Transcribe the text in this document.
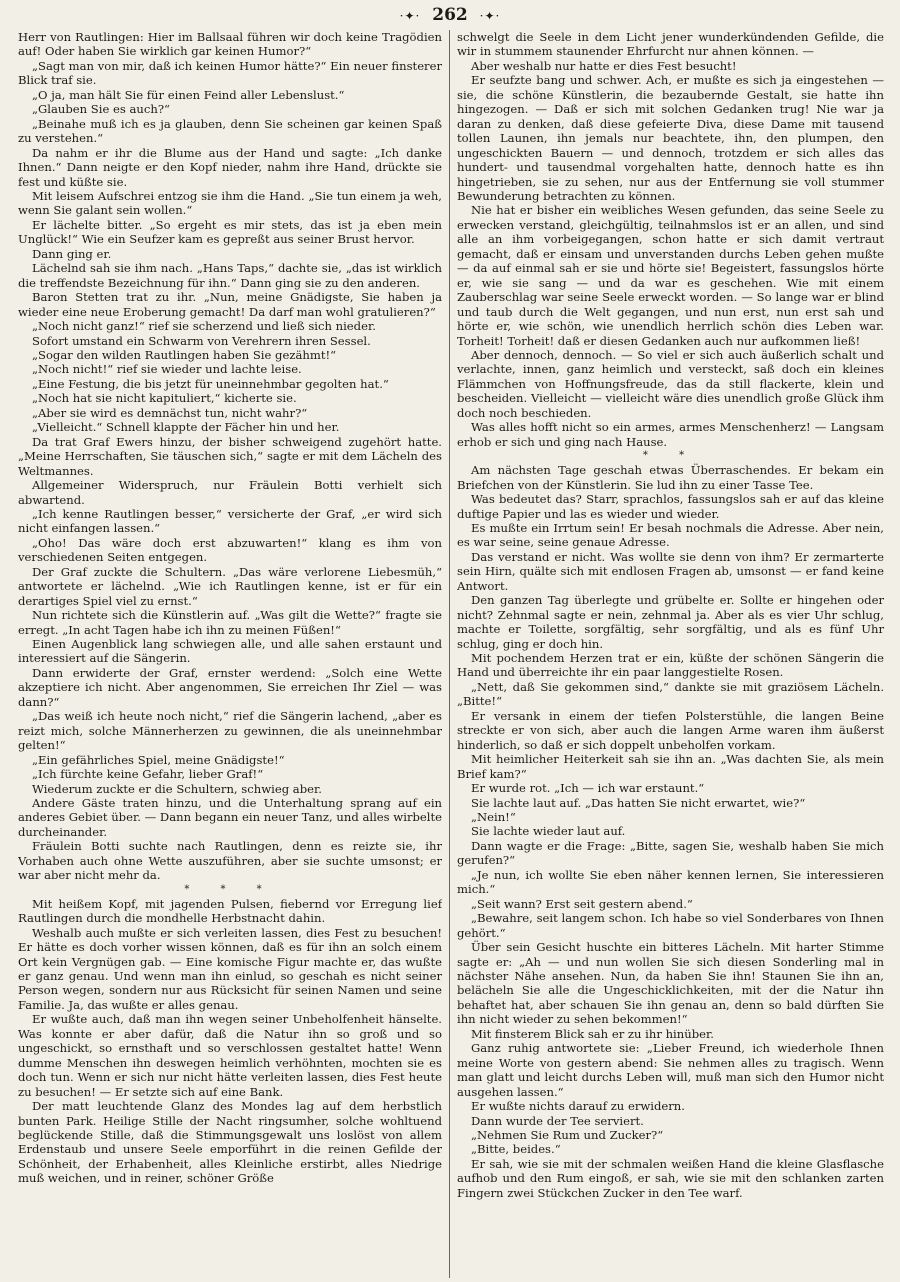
·✦· 262 ·✦·

Herr von Rautlingen: Hier im Ballsaal führen wir doch keine Tragödien auf! Oder haben Sie wirklich gar keinen Humor?“

„Sagt man von mir, daß ich keinen Humor hätte?“ Ein neuer finsterer Blick traf sie.

„O ja, man hält Sie für einen Feind aller Lebenslust.“

„Glauben Sie es auch?“

„Beinahe muß ich es ja glauben, denn Sie scheinen gar keinen Spaß zu verstehen.“

Da nahm er ihr die Blume aus der Hand und sagte: „Ich danke Ihnen.“ Dann neigte er den Kopf nieder, nahm ihre Hand, drückte sie fest und küßte sie.

Mit leisem Aufschrei entzog sie ihm die Hand. „Sie tun einem ja weh, wenn Sie galant sein wollen.“

Er lächelte bitter. „So ergeht es mir stets, das ist ja eben mein Unglück!“ Wie ein Seufzer kam es gepreßt aus seiner Brust hervor.

Dann ging er.

Lächelnd sah sie ihm nach. „Hans Taps,“ dachte sie, „das ist wirklich die treffendste Bezeichnung für ihn.“ Dann ging sie zu den anderen.

Baron Stetten trat zu ihr. „Nun, meine Gnädigste, Sie haben ja wieder eine neue Eroberung gemacht! Da darf man wohl gratulieren?“

„Noch nicht ganz!“ rief sie scherzend und ließ sich nieder.

Sofort umstand ein Schwarm von Verehrern ihren Sessel.

„Sogar den wilden Rautlingen haben Sie gezähmt!“

„Noch nicht!“ rief sie wieder und lachte leise.

„Eine Festung, die bis jetzt für uneinnehmbar gegolten hat.“

„Noch hat sie nicht kapituliert,“ kicherte sie.

„Aber sie wird es demnächst tun, nicht wahr?“

„Vielleicht.“ Schnell klappte der Fächer hin und her.

Da trat Graf Ewers hinzu, der bisher schweigend zugehört hatte. „Meine Herrschaften, Sie täuschen sich,“ sagte er mit dem Lächeln des Weltmannes.

Allgemeiner Widerspruch, nur Fräulein Botti verhielt sich abwartend.

„Ich kenne Rautlingen besser,“ versicherte der Graf, „er wird sich nicht einfangen lassen.“

„Oho! Das wäre doch erst abzuwarten!“ klang es ihm von verschiedenen Seiten entgegen.

Der Graf zuckte die Schultern. „Das wäre verlorene Liebesmüh,“ antwortete er lächelnd. „Wie ich Rautlingen kenne, ist er für ein derartiges Spiel viel zu ernst.“

Nun richtete sich die Künstlerin auf. „Was gilt die Wette?“ fragte sie erregt. „In acht Tagen habe ich ihn zu meinen Füßen!“

Einen Augenblick lang schwiegen alle, und alle sahen erstaunt und interessiert auf die Sängerin.

Dann erwiderte der Graf, ernster werdend: „Solch eine Wette akzeptiere ich nicht. Aber angenommen, Sie erreichen Ihr Ziel — was dann?“

„Das weiß ich heute noch nicht,“ rief die Sängerin lachend, „aber es reizt mich, solche Männerherzen zu gewinnen, die als uneinnehmbar gelten!“

„Ein gefährliches Spiel, meine Gnädigste!“

„Ich fürchte keine Gefahr, lieber Graf!“

Wiederum zuckte er die Schultern, schwieg aber.

Andere Gäste traten hinzu, und die Unterhaltung sprang auf ein anderes Gebiet über. — Dann begann ein neuer Tanz, und alles wirbelte durcheinander.

Fräulein Botti suchte nach Rautlingen, denn es reizte sie, ihr Vorhaben auch ohne Wette auszuführen, aber sie suchte umsonst; er war aber nicht mehr da.

* * *

Mit heißem Kopf, mit jagenden Pulsen, fiebernd vor Erregung lief Rautlingen durch die mondhelle Herbstnacht dahin.

Weshalb auch mußte er sich verleiten lassen, dies Fest zu besuchen! Er hätte es doch vorher wissen können, daß es für ihn an solch einem Ort kein Vergnügen gab. — Eine komische Figur machte er, das wußte er ganz genau. Und wenn man ihn einlud, so geschah es nicht seiner Person wegen, sondern nur aus Rücksicht für seinen Namen und seine Familie. Ja, das wußte er alles genau.

Er wußte auch, daß man ihn wegen seiner Unbeholfenheit hänselte. Was konnte er aber dafür, daß die Natur ihn so groß und so ungeschickt, so ernsthaft und so verschlossen gestaltet hatte! Wenn dumme Menschen ihn deswegen heimlich verhöhnten, mochten sie es doch tun. Wenn er sich nur nicht hätte verleiten lassen, dies Fest heute zu besuchen! — Er setzte sich auf eine Bank.

Der matt leuchtende Glanz des Mondes lag auf dem herbstlich bunten Park. Heilige Stille der Nacht ringsumher, solche wohltuend beglückende Stille, daß die Stimmungsgewalt uns loslöst von allem Erdenstaub und unsere Seele emporführt in die reinen Gefilde der Schönheit, der Erhabenheit, alles Kleinliche erstirbt, alles Niedrige muß weichen, und in reiner, schöner Größe

schwelgt die Seele in dem Licht jener wunderkündenden Gefilde, die wir in stummem staunender Ehrfurcht nur ahnen können. —

Aber weshalb nur hatte er dies Fest besucht!

Er seufzte bang und schwer. Ach, er mußte es sich ja eingestehen — sie, die schöne Künstlerin, die bezaubernde Gestalt, sie hatte ihn hingezogen. — Daß er sich mit solchen Gedanken trug! Nie war ja daran zu denken, daß diese gefeierte Diva, diese Dame mit tausend tollen Launen, ihn jemals nur beachtete, ihn, den plumpen, den ungeschickten Bauern — und dennoch, trotzdem er sich alles das hundert- und tausendmal vorgehalten hatte, dennoch hatte es ihn hingetrieben, sie zu sehen, nur aus der Entfernung sie voll stummer Bewunderung betrachten zu können.

Nie hat er bisher ein weibliches Wesen gefunden, das seine Seele zu erwecken verstand, gleichgültig, teilnahmslos ist er an allen, und sind alle an ihm vorbeigegangen, schon hatte er sich damit vertraut gemacht, daß er einsam und unverstanden durchs Leben gehen mußte — da auf einmal sah er sie und hörte sie! Begeistert, fassungslos hörte er, wie sie sang — und da war es geschehen. Wie mit einem Zauberschlag war seine Seele erweckt worden. — So lange war er blind und taub durch die Welt gegangen, und nun erst, nun erst sah und hörte er, wie schön, wie unendlich herrlich schön dies Leben war. Torheit! Torheit! daß er diesen Gedanken auch nur aufkommen ließ!

Aber dennoch, dennoch. — So viel er sich auch äußerlich schalt und verlachte, innen, ganz heimlich und versteckt, saß doch ein kleines Flämmchen von Hoffnungsfreude, das da still flackerte, klein und bescheiden. Vielleicht — vielleicht wäre dies unendlich große Glück ihm doch noch beschieden.

Was alles hofft nicht so ein armes, armes Menschenherz! — Langsam erhob er sich und ging nach Hause.

* *

Am nächsten Tage geschah etwas Überraschendes. Er bekam ein Briefchen von der Künstlerin. Sie lud ihn zu einer Tasse Tee.

Was bedeutet das? Starr, sprachlos, fassungslos sah er auf das kleine duftige Papier und las es wieder und wieder.

Es mußte ein Irrtum sein! Er besah nochmals die Adresse. Aber nein, es war seine, seine genaue Adresse.

Das verstand er nicht. Was wollte sie denn von ihm? Er zermarterte sein Hirn, quälte sich mit endlosen Fragen ab, umsonst — er fand keine Antwort.

Den ganzen Tag überlegte und grübelte er. Sollte er hingehen oder nicht? Zehnmal sagte er nein, zehnmal ja. Aber als es vier Uhr schlug, machte er Toilette, sorgfältig, sehr sorgfältig, und als es fünf Uhr schlug, ging er doch hin.

Mit pochendem Herzen trat er ein, küßte der schönen Sängerin die Hand und überreichte ihr ein paar langgestielte Rosen.

„Nett, daß Sie gekommen sind,“ dankte sie mit graziösem Lächeln. „Bitte!“

Er versank in einem der tiefen Polsterstühle, die langen Beine streckte er von sich, aber auch die langen Arme waren ihm äußerst hinderlich, so daß er sich doppelt unbeholfen vorkam.

Mit heimlicher Heiterkeit sah sie ihn an. „Was dachten Sie, als mein Brief kam?“

Er wurde rot. „Ich — ich war erstaunt.“

Sie lachte laut auf. „Das hatten Sie nicht erwartet, wie?“

„Nein!“

Sie lachte wieder laut auf.

Dann wagte er die Frage: „Bitte, sagen Sie, weshalb haben Sie mich gerufen?“

„Je nun, ich wollte Sie eben näher kennen lernen, Sie interessieren mich.“

„Seit wann? Erst seit gestern abend.“

„Bewahre, seit langem schon. Ich habe so viel Sonderbares von Ihnen gehört.“

Über sein Gesicht huschte ein bitteres Lächeln. Mit harter Stimme sagte er: „Ah — und nun wollen Sie sich diesen Sonderling mal in nächster Nähe ansehen. Nun, da haben Sie ihn! Staunen Sie ihn an, belächeln Sie alle die Ungeschicklichkeiten, mit der die Natur ihn behaftet hat, aber schauen Sie ihn genau an, denn so bald dürften Sie ihn nicht wieder zu sehen bekommen!“

Mit finsterem Blick sah er zu ihr hinüber.

Ganz ruhig antwortete sie: „Lieber Freund, ich wiederhole Ihnen meine Worte von gestern abend: Sie nehmen alles zu tragisch. Wenn man glatt und leicht durchs Leben will, muß man sich den Humor nicht ausgehen lassen.“

Er wußte nichts darauf zu erwidern.

Dann wurde der Tee serviert.

„Nehmen Sie Rum und Zucker?“

„Bitte, beides.“

Er sah, wie sie mit der schmalen weißen Hand die kleine Glasflasche aufhob und den Rum eingoß, er sah, wie sie mit den schlanken zarten Fingern zwei Stückchen Zucker in den Tee warf.
